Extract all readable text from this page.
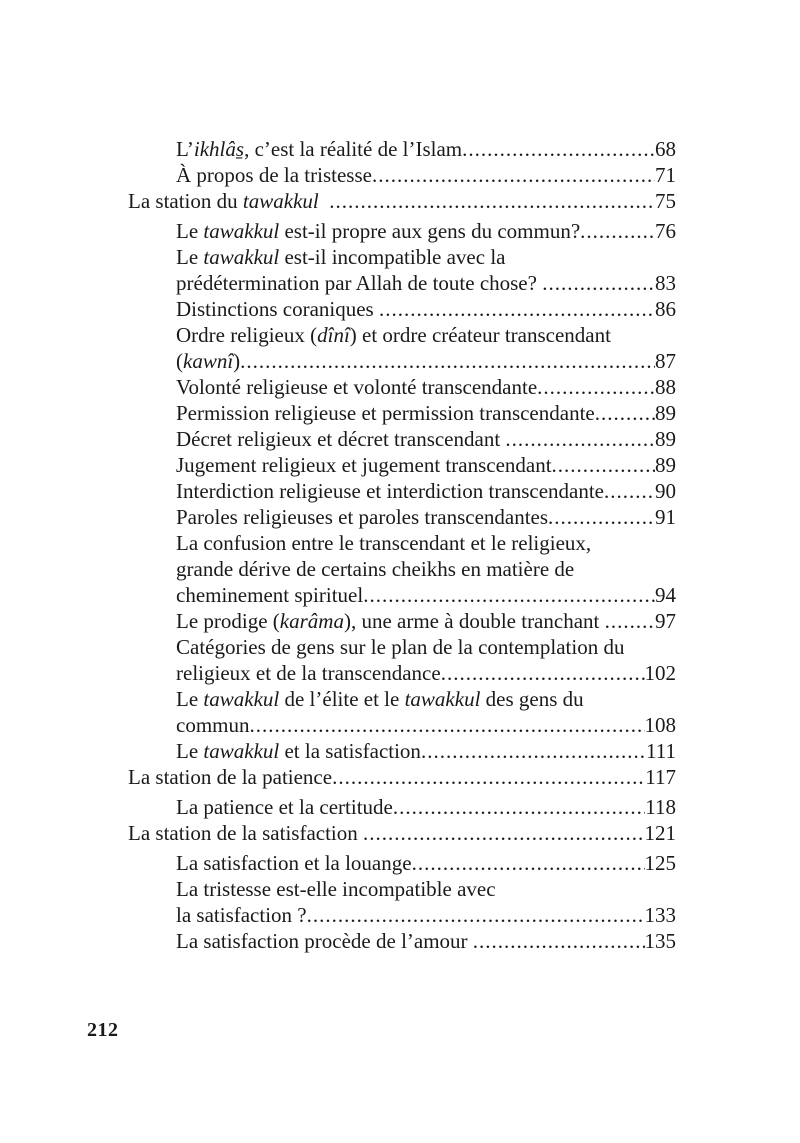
L’ikhlâs̱, c’est la réalité de l’Islam .....	68
À propos de la tristesse .....	71
La station du tawakkul .....	75
Le tawakkul est-il propre aux gens du commun? .....	76
Le tawakkul est-il incompatible avec la
prédétermination par Allah de toute chose? .....	83
Distinctions coraniques .....	86
Ordre religieux (dînî) et ordre créateur transcendant
(kawnî) .....	87
Volonté religieuse et volonté transcendante .....	88
Permission religieuse et permission transcendante .....	89
Décret religieux et décret transcendant .....	89
Jugement religieux et jugement transcendant .....	89
Interdiction religieuse et interdiction transcendante ..... 90
Paroles religieuses et paroles transcendantes .....	91
La confusion entre le transcendant et le religieux,
grande dérive de certains cheikhs en matière de
cheminement spirituel .....	94
Le prodige (karâma), une arme à double tranchant ..... 97
Catégories de gens sur le plan de la contemplation du
religieux et de la transcendance .....	102
Le tawakkul de l’élite et le tawakkul des gens du
commun .....	108
Le tawakkul et la satisfaction .....	111
La station de la patience .....	117
La patience et la certitude .....	118
La station de la satisfaction .....	121
La satisfaction et la louange .....	125
La tristesse est-elle incompatible avec
la satisfaction ? .....	133
La satisfaction procède de l’amour .....	135
212
